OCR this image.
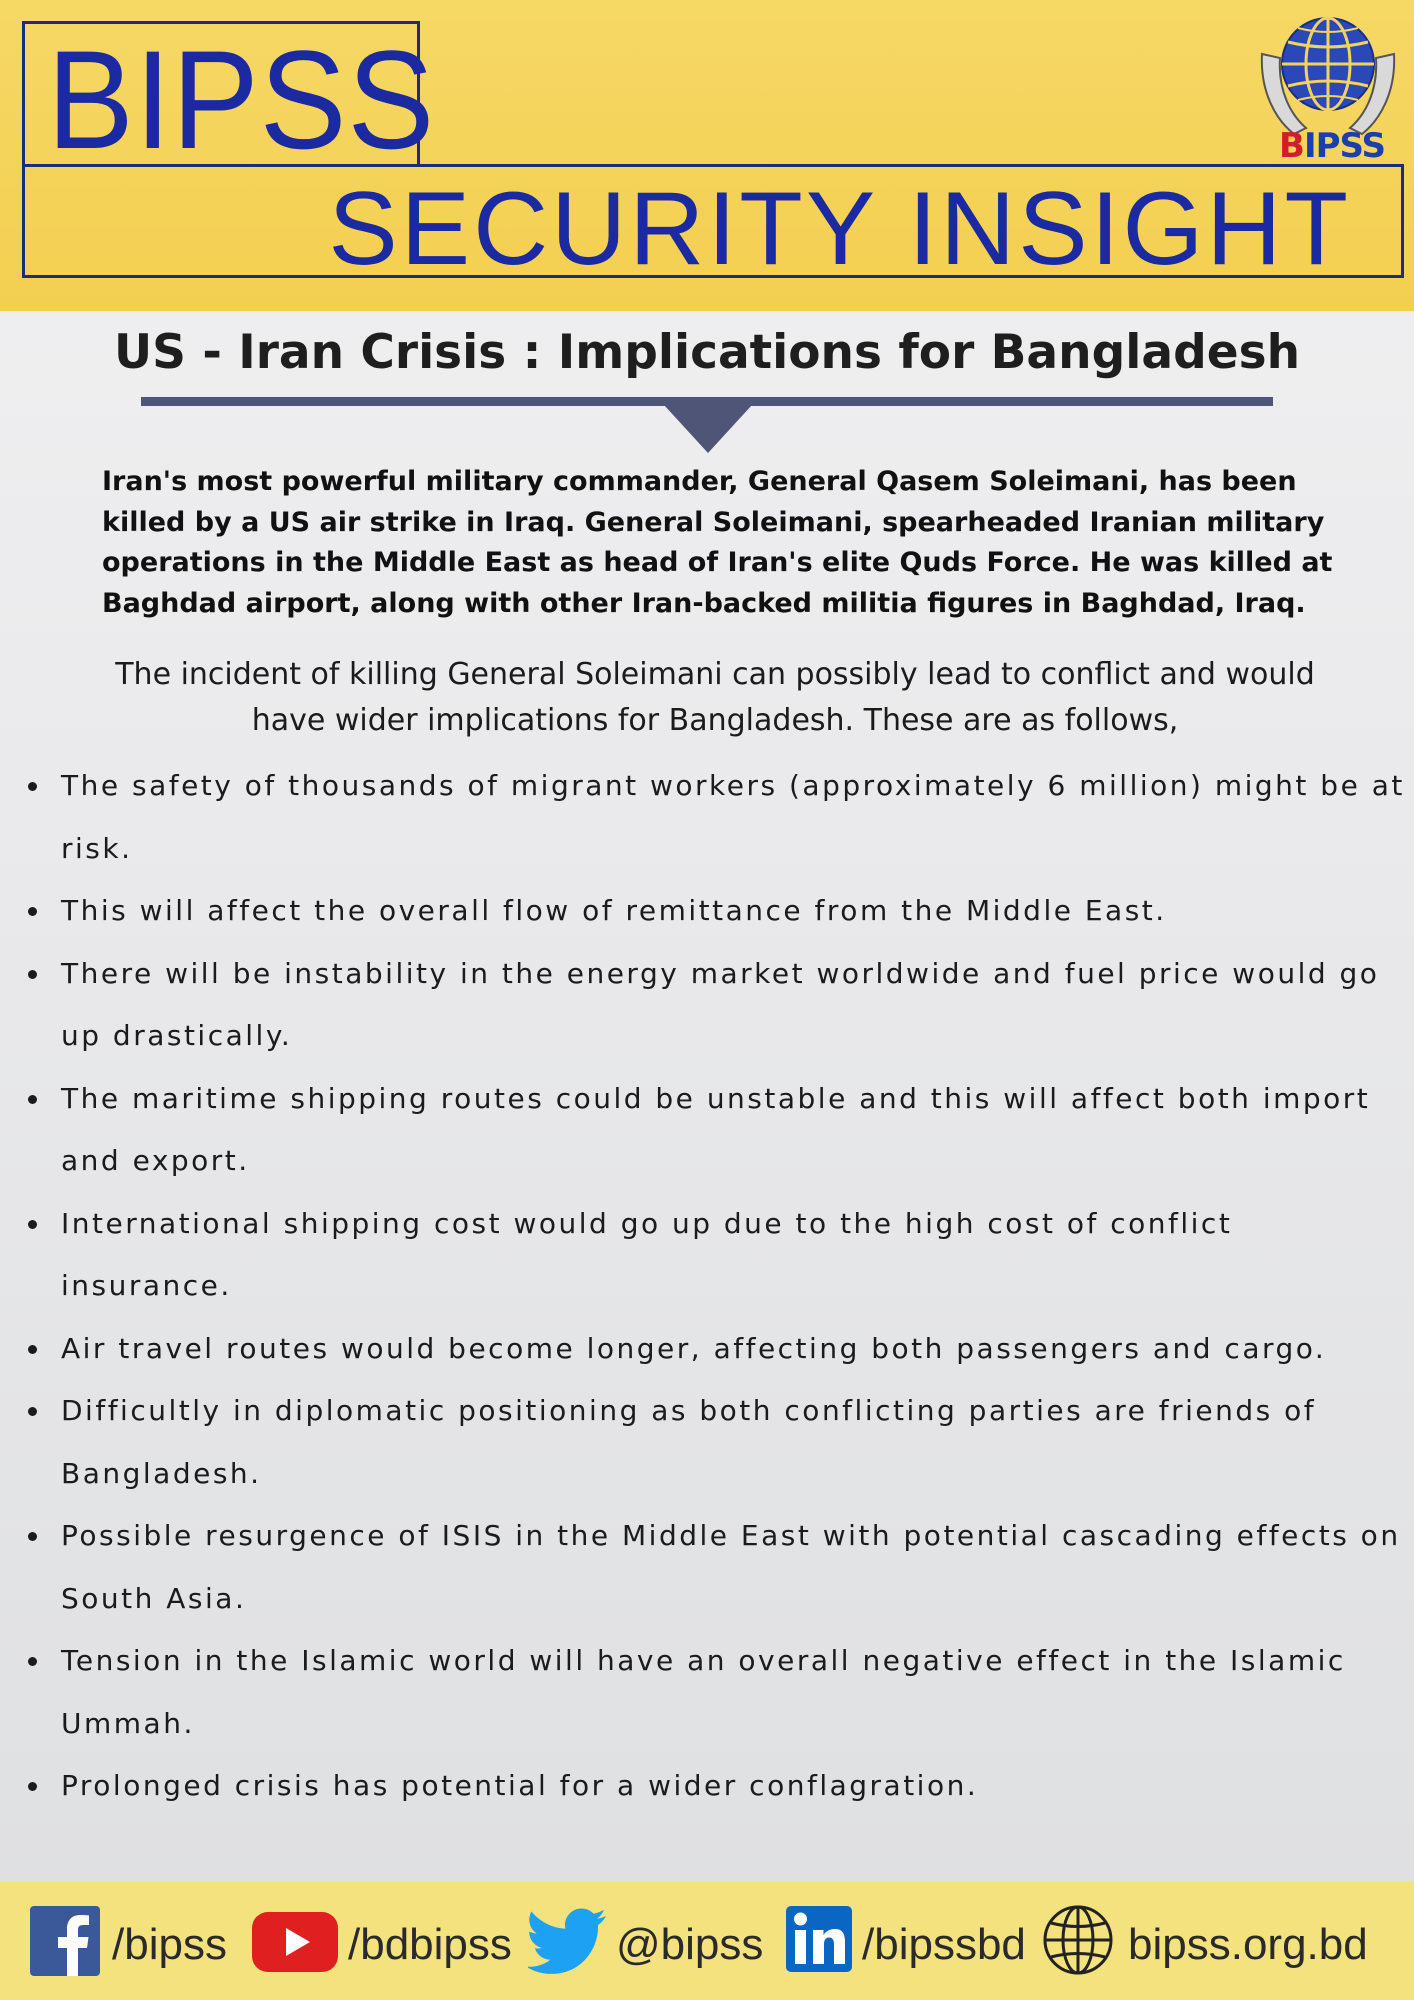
BIPSS
SECURITY INSIGHT
BIPSS
US - Iran Crisis : Implications for Bangladesh

Iran's most powerful military commander, General Qasem Soleimani, has been killed by a US air strike in Iraq. General Soleimani, spearheaded Iranian military operations in the Middle East as head of Iran's elite Quds Force. He was killed at Baghdad airport, along with other Iran-backed militia figures in Baghdad, Iraq.

The incident of killing General Soleimani can possibly lead to conflict and would have wider implications for Bangladesh. These are as follows,

The safety of thousands of migrant workers (approximately 6 million) might be at risk.
This will affect the overall flow of remittance from the Middle East.
There will be instability in the energy market worldwide and fuel price would go up drastically.
The maritime shipping routes could be unstable and this will affect both import and export.
International shipping cost would go up due to the high cost of conflict insurance.
Air travel routes would become longer, affecting both passengers and cargo.
Difficultly in diplomatic positioning as both conflicting parties are friends of Bangladesh.
Possible resurgence of ISIS in the Middle East with potential cascading effects on South Asia.
Tension in the Islamic world will have an overall negative effect in the Islamic Ummah.
Prolonged crisis has potential for a wider conflagration.
/bipss	/bdbipss @bipss /bipssbd bipss.org.bd
